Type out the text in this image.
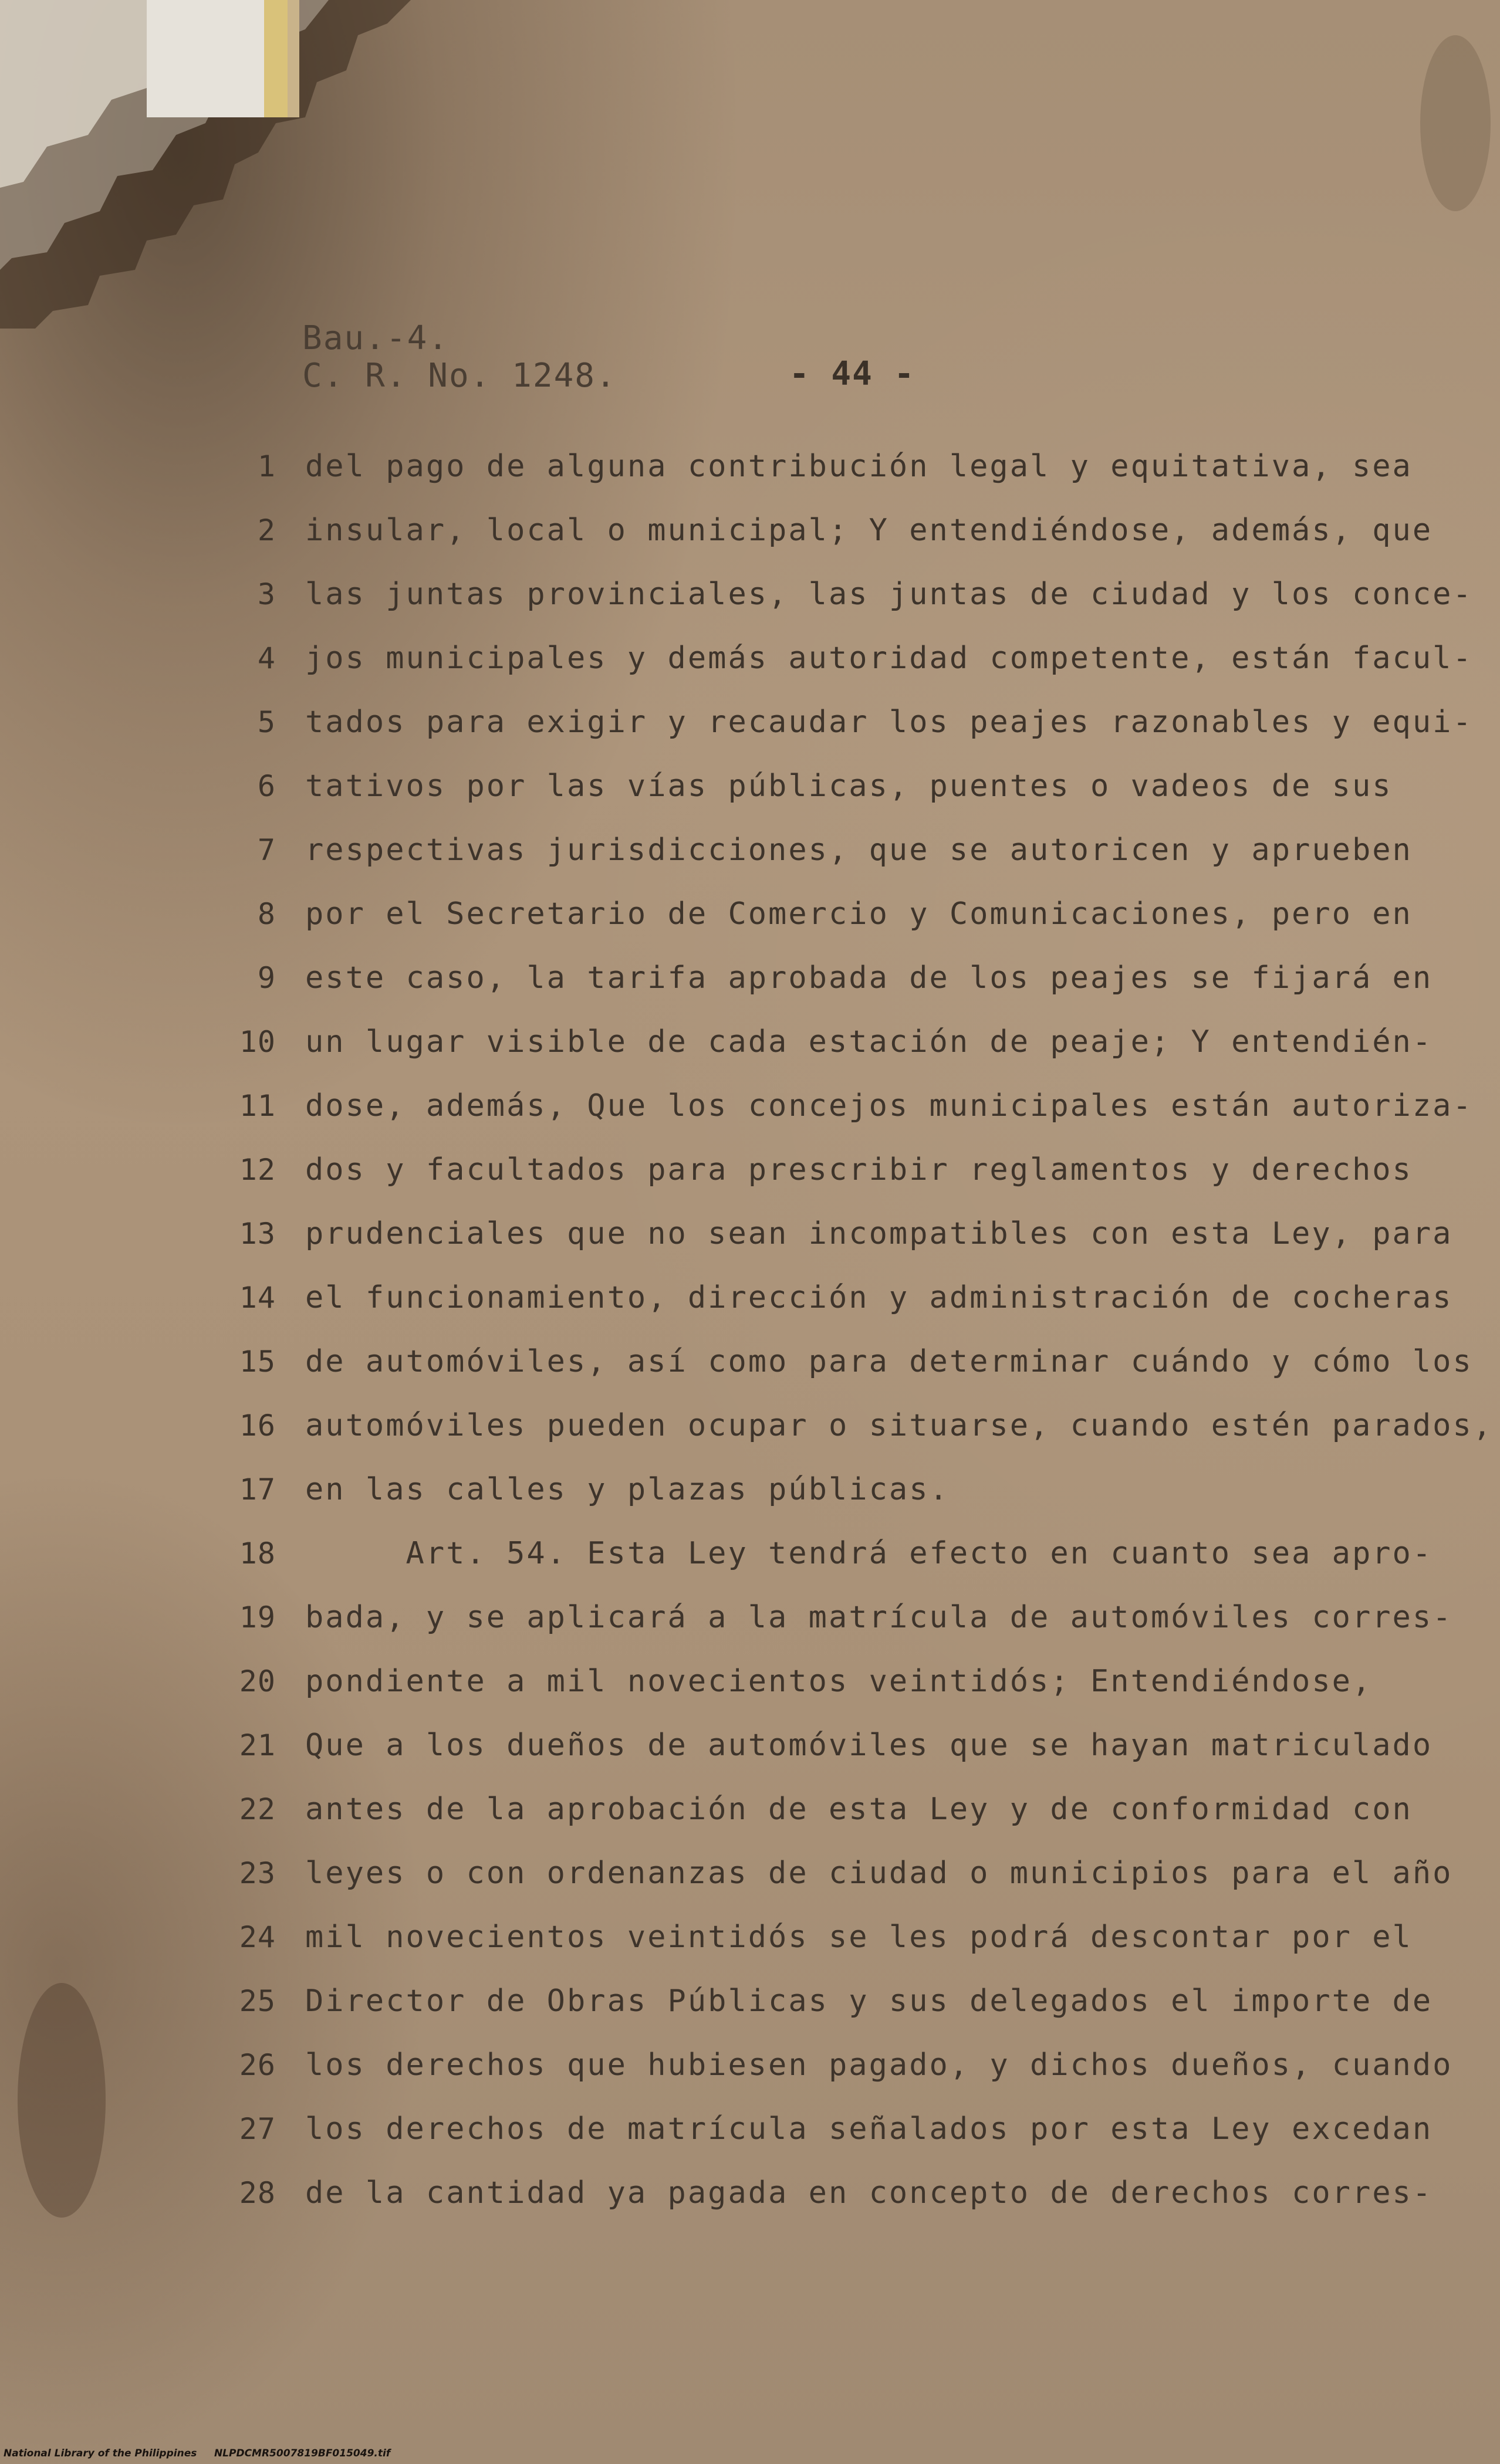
Bau.-4.
C. R. No. 1248.	- 44 -
1 del pago de alguna contribución legal y equitativa, sea
2 insular, local o municipal; Y entendiéndose, además, que
3 las juntas provinciales, las juntas de ciudad y los conce-
4 jos municipales y demás autoridad competente, están facul-
5 tados para exigir y recaudar los peajes razonables y equi-
6 tativos por las vías públicas, puentes o vadeos de sus
7 respectivas jurisdicciones, que se autoricen y aprueben
8 por el Secretario de Comercio y Comunicaciones, pero en
9 este caso, la tarifa aprobada de los peajes se fijará en
10 un lugar visible de cada estación de peaje; Y entendién-
11 dose, además, Que los concejos municipales están autoriza-
12 dos y facultados para prescribir reglamentos y derechos
13 prudenciales que no sean incompatibles con esta Ley, para
14 el funcionamiento, dirección y administración de cocheras
15 de automóviles, así como para determinar cuándo y cómo los
16 automóviles pueden ocupar o situarse, cuando estén parados,
17 en las calles y plazas públicas.
18 Art. 54. Esta Ley tendrá efecto en cuanto sea apro-
19 bada, y se aplicará a la matrícula de automóviles corres-
20 pondiente a mil novecientos veintidós; Entendiéndose,
21 Que a los dueños de automóviles que se hayan matriculado
22 antes de la aprobación de esta Ley y de conformidad con
23 leyes o con ordenanzas de ciudad o municipios para el año
24 mil novecientos veintidós se les podrá descontar por el
25 Director de Obras Públicas y sus delegados el importe de
26 los derechos que hubiesen pagado, y dichos dueños, cuando
27 los derechos de matrícula señalados por esta Ley excedan
28 de la cantidad ya pagada en concepto de derechos corres-
National Library of the Philippines     NLPDCMR5007819BF015049.tif
